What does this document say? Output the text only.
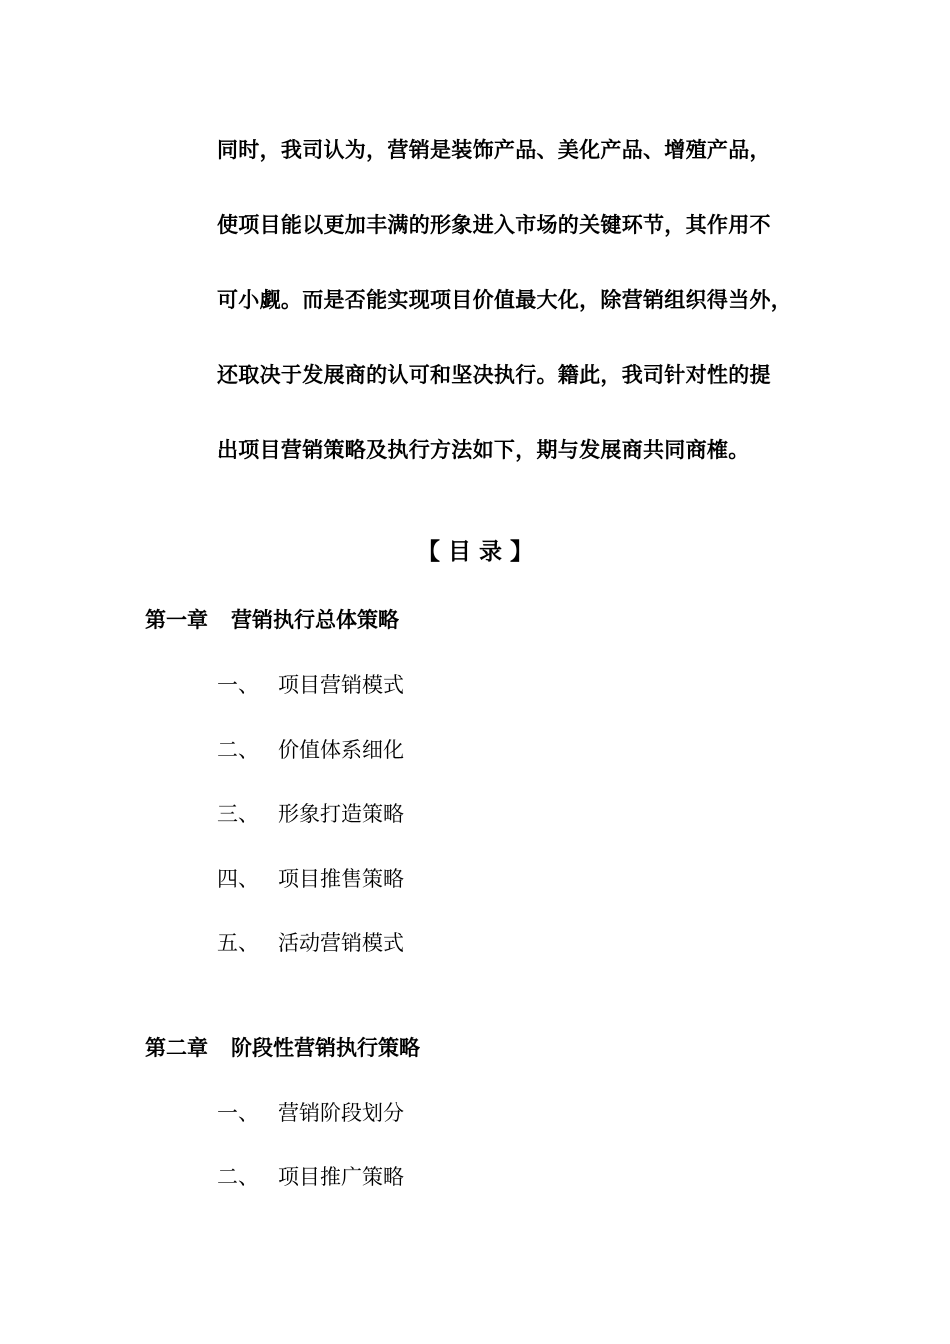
同时，我司认为，营销是装饰产品、美化产品、增殖产品，
使项目能以更加丰满的形象进入市场的关键环节，其作用不
可小觑。而是否能实现项目价值最大化，除营销组织得当外，
还取决于发展商的认可和坚决执行。籍此，我司针对性的提
出项目营销策略及执行方法如下，期与发展商共同商榷。
【 目 录 】
第一章 营销执行总体策略
一、 项目营销模式
二、 价值体系细化
三、 形象打造策略
四、 项目推售策略
五、 活动营销模式
第二章 阶段性营销执行策略
一、 营销阶段划分
二、 项目推广策略
